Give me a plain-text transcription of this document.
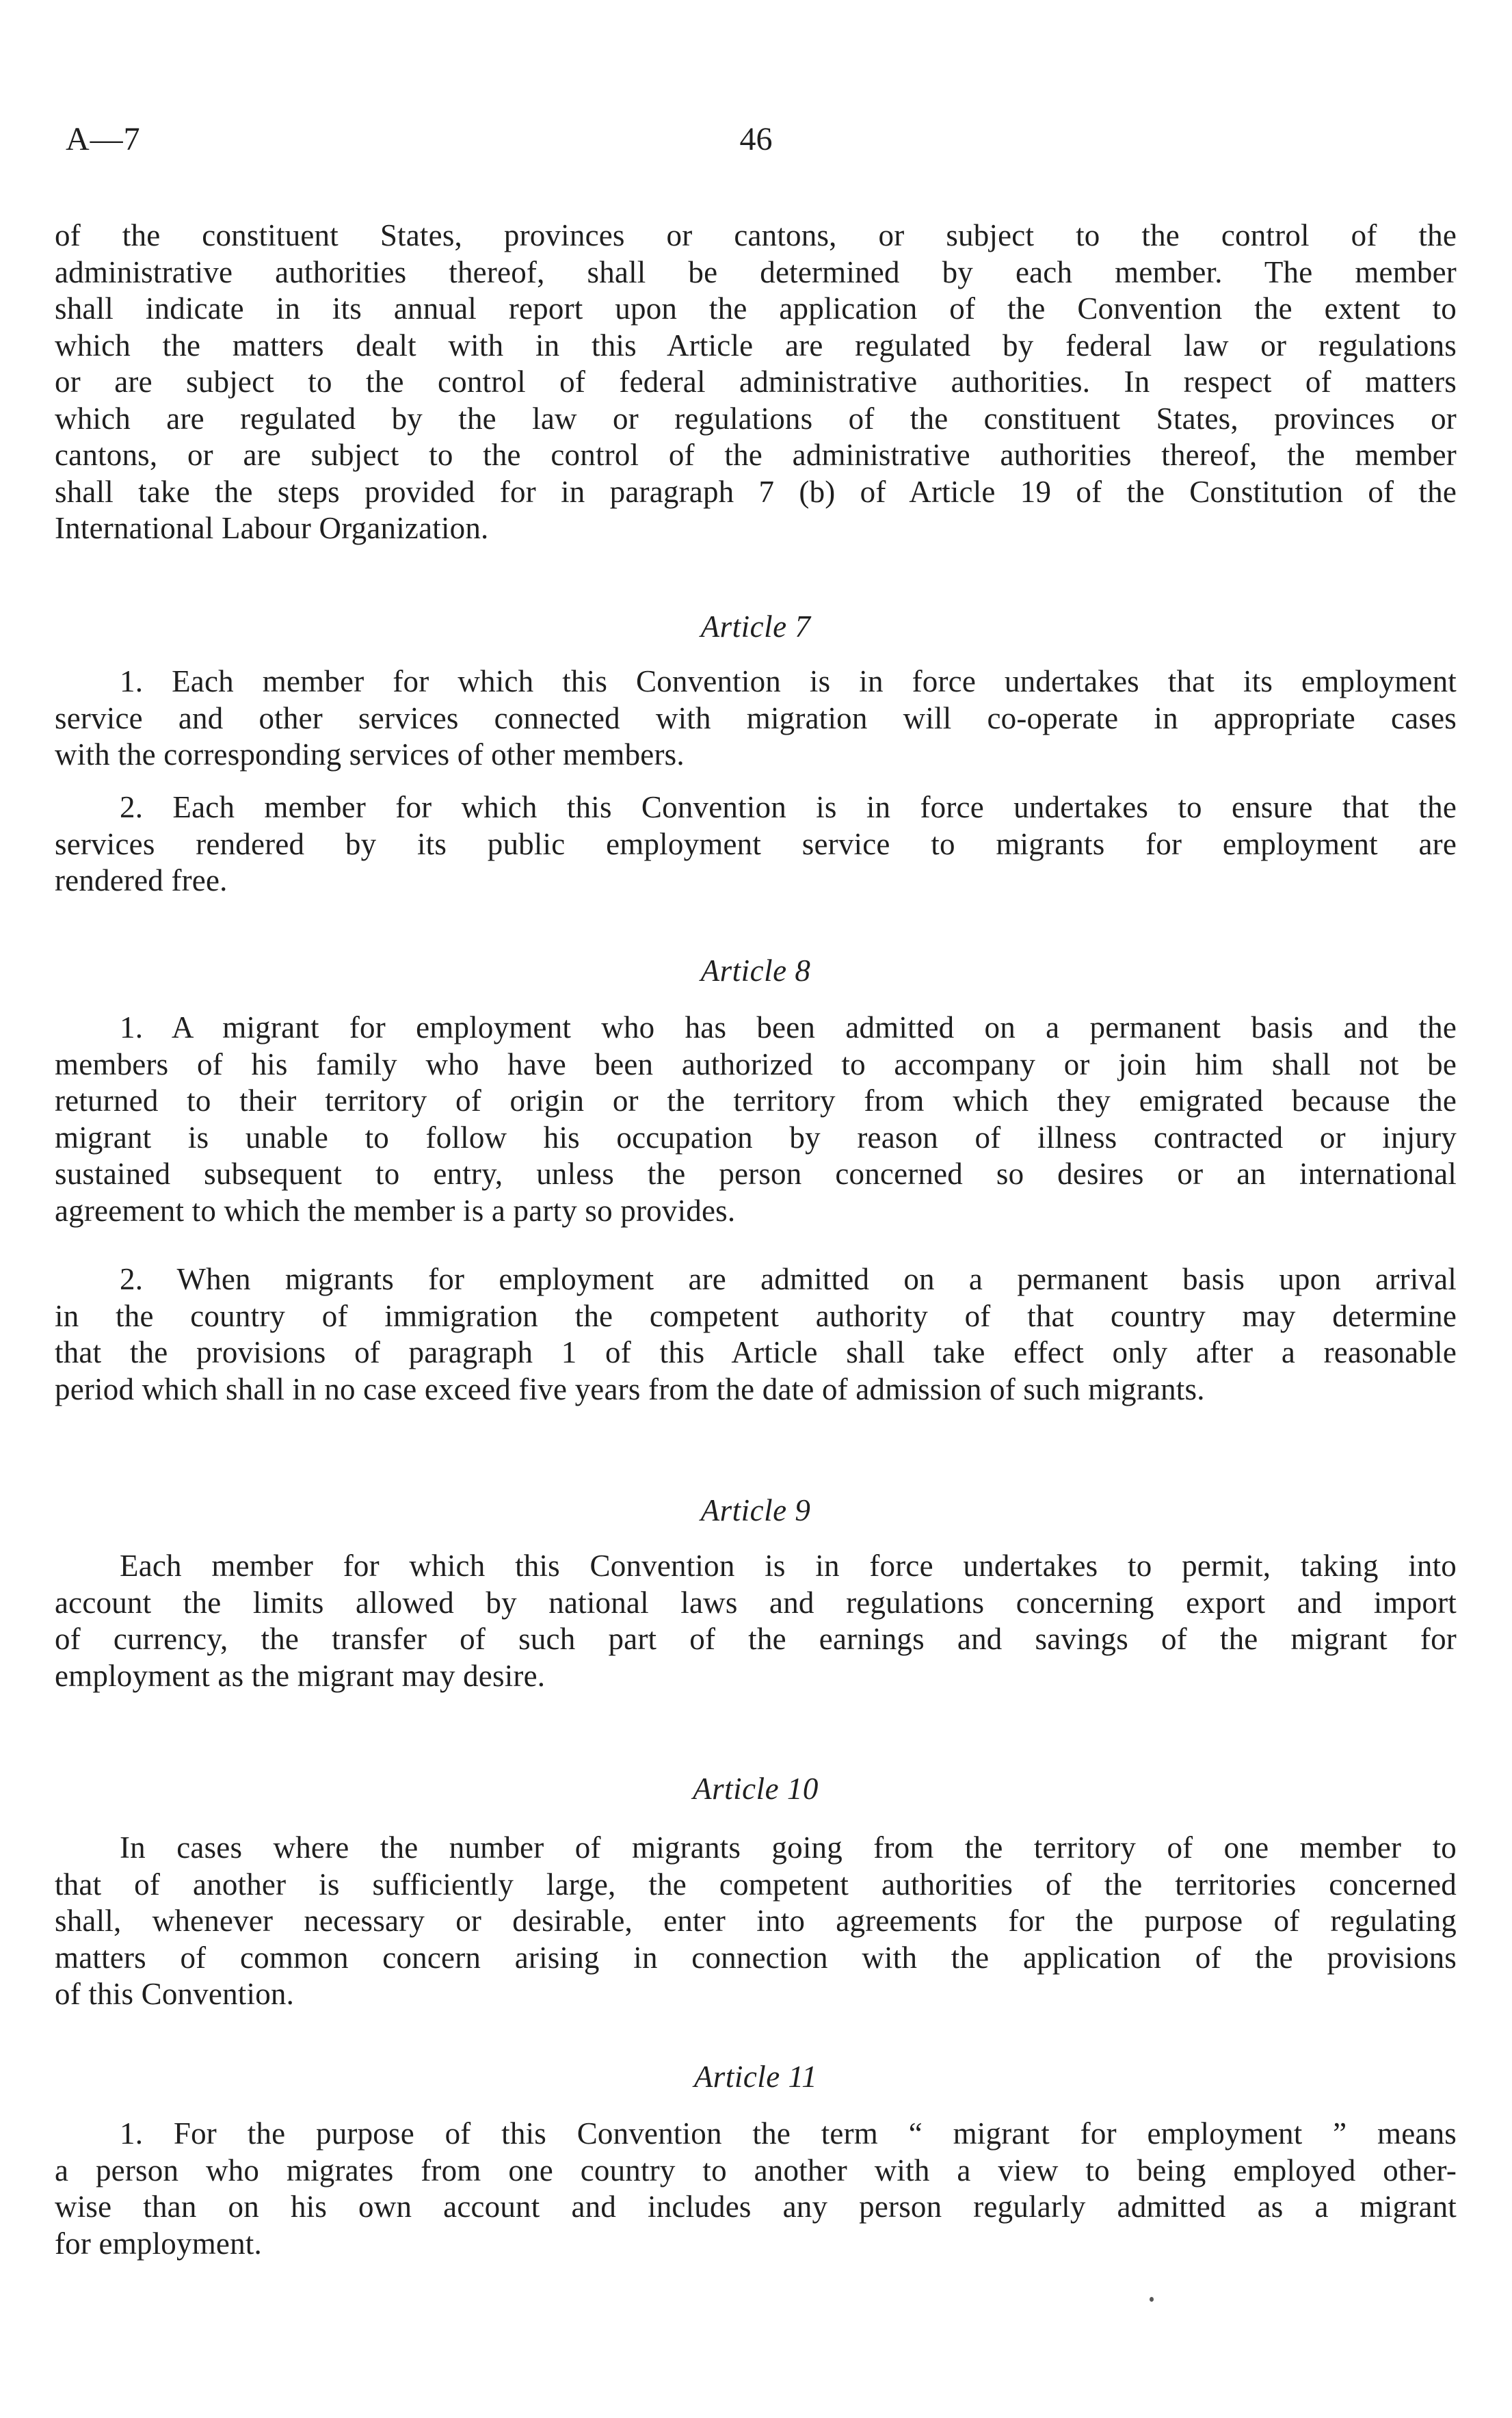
A—7	46
of the constituent States, provinces or cantons, or subject to the control of the
administrative authorities thereof, shall be determined by each member. The member
shall indicate in its annual report upon the application of the Convention the extent to
which the matters dealt with in this Article are regulated by federal law or regulations
or are subject to the control of federal administrative authorities. In respect of matters
which are regulated by the law or regulations of the constituent States, provinces or
cantons, or are subject to the control of the administrative authorities thereof, the member
shall take the steps provided for in paragraph 7 (b) of Article 19 of the Constitution of the
International Labour Organization.
Article 7
1. Each member for which this Convention is in force undertakes that its employment
service and other services connected with migration will co-operate in appropriate cases
with the corresponding services of other members.
2. Each member for which this Convention is in force undertakes to ensure that the
services rendered by its public employment service to migrants for employment are
rendered free.
Article 8
1. A migrant for employment who has been admitted on a permanent basis and the
members of his family who have been authorized to accompany or join him shall not be
returned to their territory of origin or the territory from which they emigrated because the
migrant is unable to follow his occupation by reason of illness contracted or injury
sustained subsequent to entry, unless the person concerned so desires or an international
agreement to which the member is a party so provides.
2. When migrants for employment are admitted on a permanent basis upon arrival
in the country of immigration the competent authority of that country may determine
that the provisions of paragraph 1 of this Article shall take effect only after a reasonable
period which shall in no case exceed five years from the date of admission of such migrants.
Article 9
Each member for which this Convention is in force undertakes to permit, taking into
account the limits allowed by national laws and regulations concerning export and import
of currency, the transfer of such part of the earnings and savings of the migrant for
employment as the migrant may desire.
Article 10
In cases where the number of migrants going from the territory of one member to
that of another is sufficiently large, the competent authorities of the territories concerned
shall, whenever necessary or desirable, enter into agreements for the purpose of regulating
matters of common concern arising in connection with the application of the provisions
of this Convention.
Article 11
1. For the purpose of this Convention the term “ migrant for employment ” means
a person who migrates from one country to another with a view to being employed other-
wise than on his own account and includes any person regularly admitted as a migrant
for employment.
